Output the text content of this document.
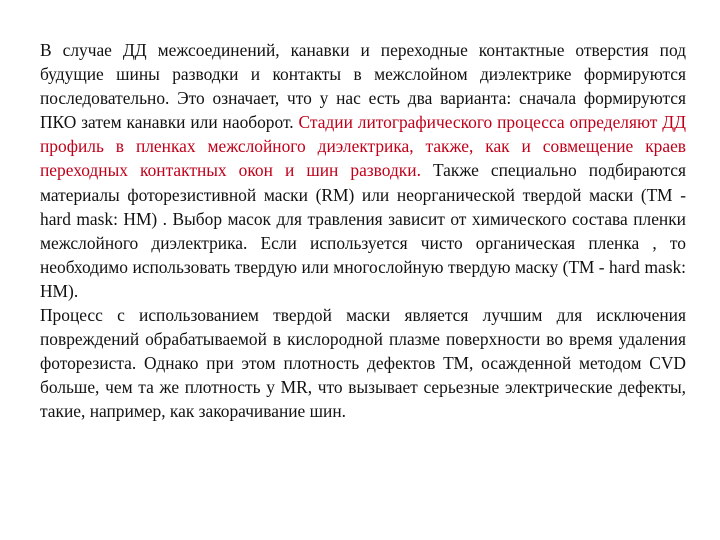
В случае ДД межсоединений, канавки и переходные контактные отверстия под будущие шины разводки и контакты в межслойном диэлектрике формируются последовательно. Это означает, что у нас есть два варианта: сначала формируются ПКО затем канавки или наоборот. Стадии литографического процесса определяют ДД профиль в пленках межслойного диэлектрика, также, как и совмещение краев переходных контактных окон и шин разводки. Также специально подбираются материалы фоторезистивной маски (RM) или неорганической твердой маски (ТМ - hard mask: НМ) . Выбор масок для травления зависит от химического состава пленки межслойного диэлектрика. Если используется чисто органическая пленка , то необходимо использовать твердую или многослойную твердую маску (ТМ - hard mask: НМ).

Процесс с использованием твердой маски является лучшим для исключения повреждений обрабатываемой в кислородной плазме поверхности во время удаления фоторезиста. Однако при этом плотность дефектов ТМ, осажденной методом CVD больше, чем та же плотность у MR, что вызывает серьезные электрические дефекты, такие, например, как закорачивание шин.
